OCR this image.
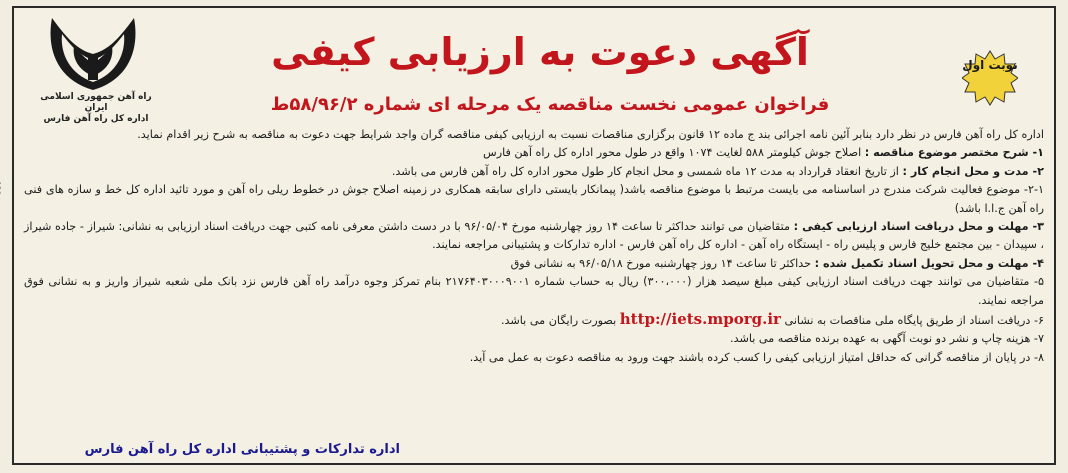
راه آهن جمهوری اسلامی ایران
اداره کل راه آهن فارس
نوبت اول
آگهی دعوت به ارزیابی کیفی
فراخوان عمومی نخست مناقصه یک مرحله ای شماره ۵۸/۹۶/۲ط

اداره کل راه آهن فارس در نظر دارد بنابر آئین نامه اجرائی بند ج ماده ۱۲ قانون برگزاری مناقصات نسبت به ارزیابی کیفی مناقصه گران واجد شرایط جهت دعوت به مناقصه به شرح زیر اقدام نماید.

۱- شرح مختصر موضوع مناقصه : اصلاح جوش کیلومتر ۵۸۸ لغایت ۱۰۷۴ واقع در طول محور اداره کل راه آهن فارس

۲- مدت و محل انجام کار : از تاریخ انعقاد قرارداد به مدت ۱۲ ماه شمسی و محل انجام کار طول محور اداره کل راه آهن فارس می باشد.

۲-۱- موضوع فعالیت شرکت مندرج در اساسنامه می بایست مرتبط با موضوع مناقصه باشد( پیمانکار بایستی دارای سابقه همکاری در زمینه اصلاح جوش در خطوط ریلی راه آهن و مورد تائید اداره کل خط و سازه های فنی راه آهن ج.ا.ا باشد)

۳- مهلت و محل دریافت اسناد ارزیابی کیفی : متقاضیان می توانند حداکثر تا ساعت ۱۴ روز چهارشنبه مورخ ۹۶/۰۵/۰۴ با در دست داشتن معرفی نامه کتبی جهت دریافت اسناد ارزیابی به نشانی: شیراز - جاده شیراز ، سپیدان - بین مجتمع خلیج فارس و پلیس راه - ایستگاه راه آهن - اداره کل راه آهن فارس - اداره تدارکات و پشتیبانی مراجعه نمایند.

۴- مهلت و محل تحویل اسناد تکمیل شده : حداکثر تا ساعت ۱۴ روز چهارشنبه مورخ ۹۶/۰۵/۱۸ به نشانی فوق

۵- متقاضیان می توانند جهت دریافت اسناد ارزیابی کیفی مبلغ سیصد هزار (۳۰۰،۰۰۰) ریال به حساب شماره ۲۱۷۶۴۰۳۰۰۰۹۰۰۱ بنام تمرکز وجوه درآمد راه آهن فارس نزد بانک ملی شعبه شیراز واریز و به نشانی فوق مراجعه نمایند.

۶- دریافت اسناد از طریق پایگاه ملی مناقصات به نشانی http://iets.mporg.ir بصورت رایگان می باشد.

۷- هزینه چاپ و نشر دو نوبت آگهی به عهده برنده مناقصه می باشد.

۸- در پایان از مناقصه گرانی که حداقل امتیاز ارزیابی کیفی را کسب کرده باشند جهت ورود به مناقصه دعوت به عمل می آید.

اداره تدارکات و پشتیبانی اداره کل راه آهن فارس
